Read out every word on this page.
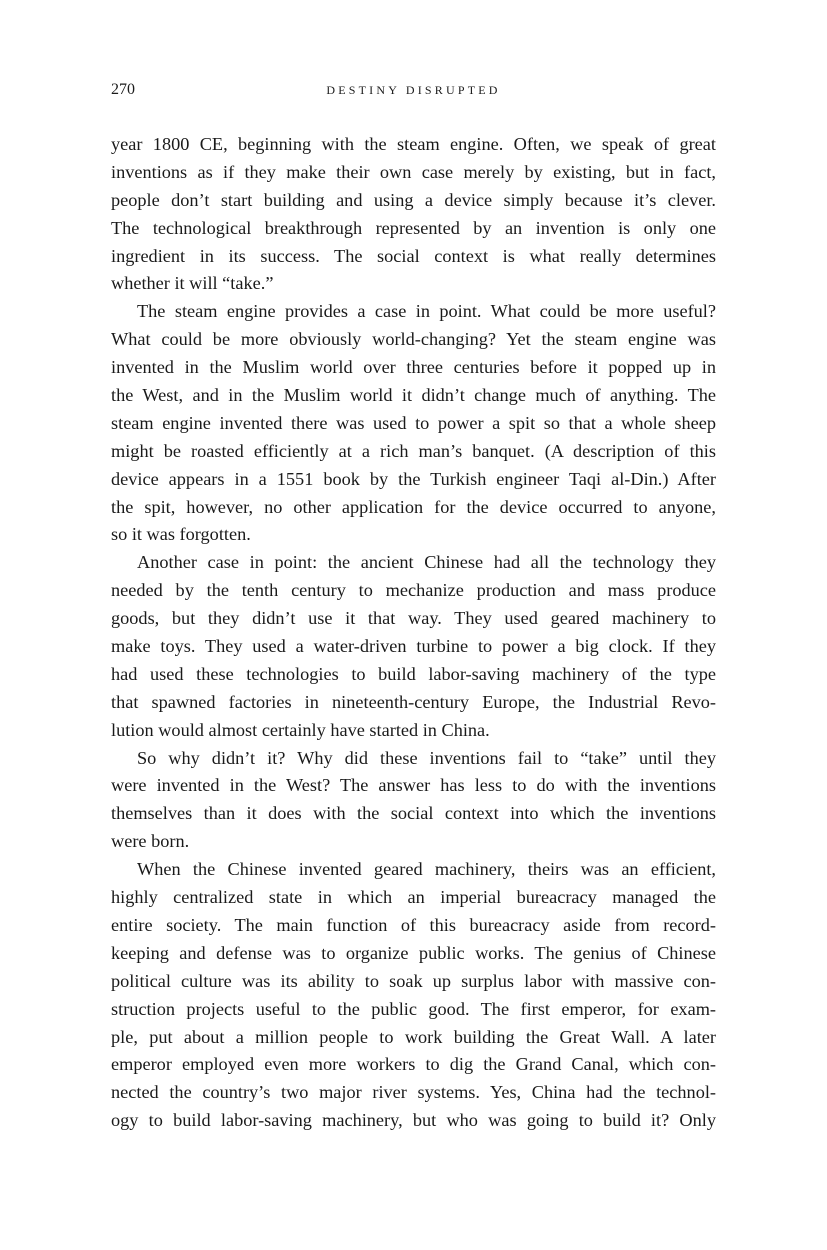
270	DESTINY DISRUPTED

year 1800 CE, beginning with the steam engine. Often, we speak of great
inventions as if they make their own case merely by existing, but in fact,
people don’t start building and using a device simply because it’s clever.
The technological breakthrough represented by an invention is only one
ingredient in its success. The social context is what really determines
whether it will “take.”

The steam engine provides a case in point. What could be more useful?
What could be more obviously world-changing? Yet the steam engine was
invented in the Muslim world over three centuries before it popped up in
the West, and in the Muslim world it didn’t change much of anything. The
steam engine invented there was used to power a spit so that a whole sheep
might be roasted efficiently at a rich man’s banquet. (A description of this
device appears in a 1551 book by the Turkish engineer Taqi al-Din.) After
the spit, however, no other application for the device occurred to anyone,
so it was forgotten.

Another case in point: the ancient Chinese had all the technology they
needed by the tenth century to mechanize production and mass produce
goods, but they didn’t use it that way. They used geared machinery to
make toys. They used a water-driven turbine to power a big clock. If they
had used these technologies to build labor-saving machinery of the type
that spawned factories in nineteenth-century Europe, the Industrial Revo-
lution would almost certainly have started in China.

So why didn’t it? Why did these inventions fail to “take” until they
were invented in the West? The answer has less to do with the inventions
themselves than it does with the social context into which the inventions
were born.

When the Chinese invented geared machinery, theirs was an efficient,
highly centralized state in which an imperial bureacracy managed the
entire society. The main function of this bureacracy aside from record-
keeping and defense was to organize public works. The genius of Chinese
political culture was its ability to soak up surplus labor with massive con-
struction projects useful to the public good. The first emperor, for exam-
ple, put about a million people to work building the Great Wall. A later
emperor employed even more workers to dig the Grand Canal, which con-
nected the country’s two major river systems. Yes, China had the technol-
ogy to build labor-saving machinery, but who was going to build it? Only
